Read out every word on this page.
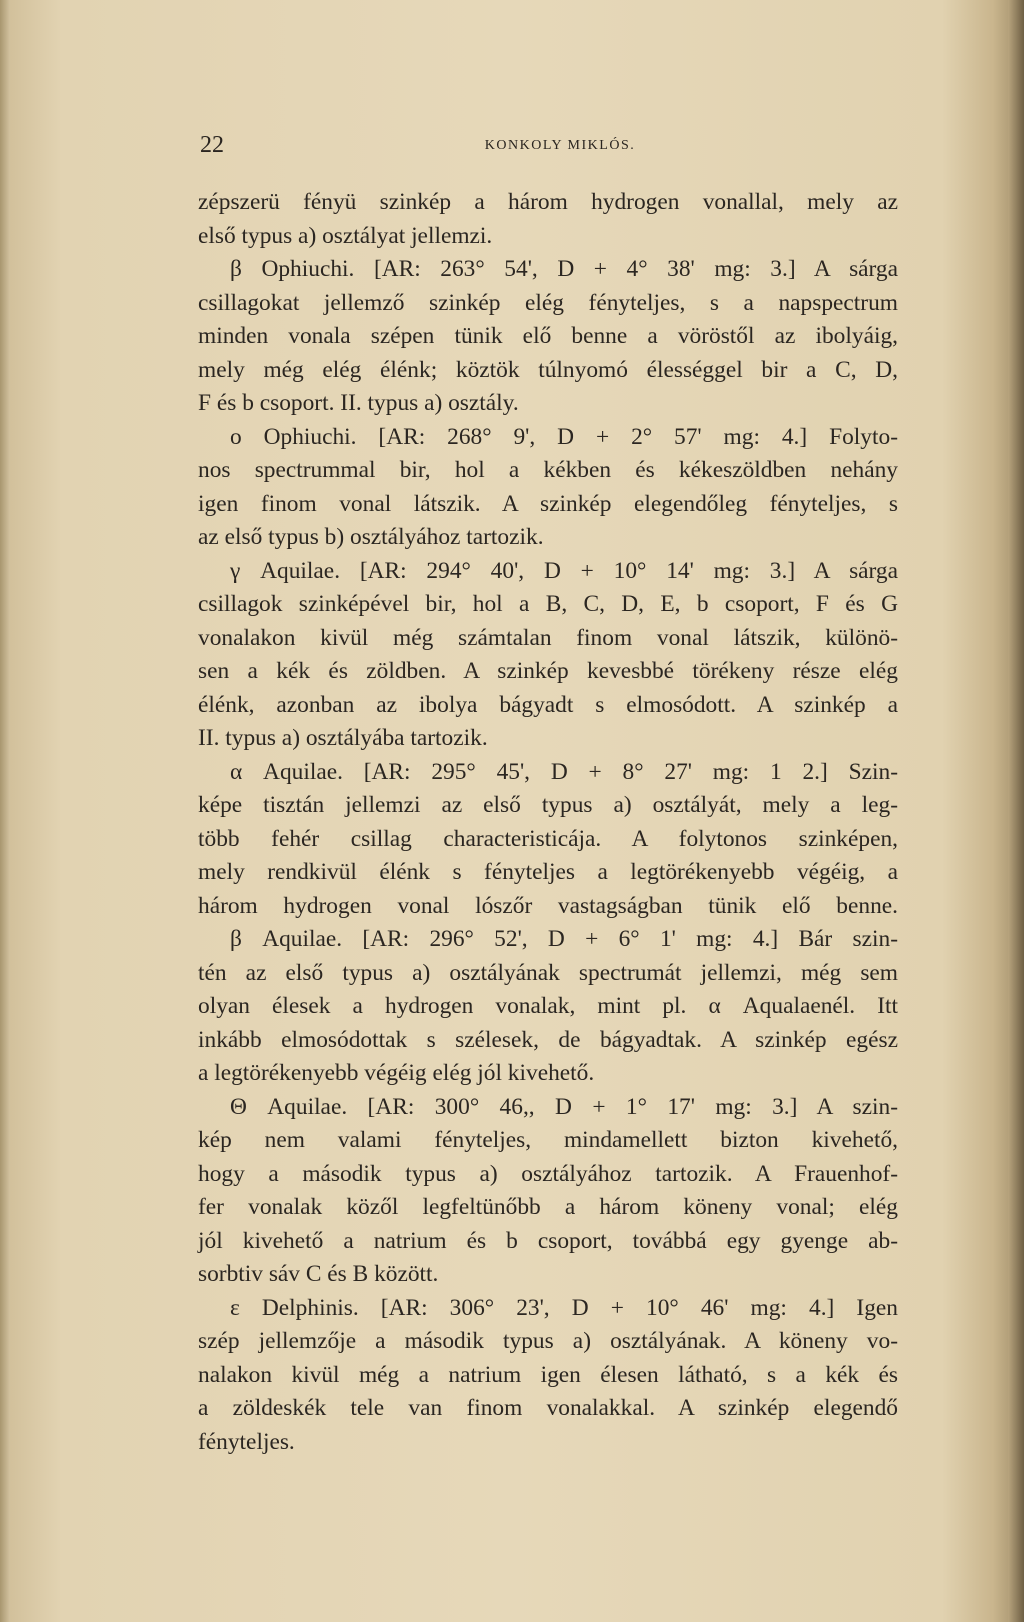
22	KONKOLY MIKLÓS.
zépszerü fényü szinkép a három hydrogen vonallal, mely az
első typus a) osztályat jellemzi.
β Ophiuchi. [AR: 263° 54', D + 4° 38' mg: 3.] A sárga
csillagokat jellemző szinkép elég fényteljes, s a napspectrum
minden vonala szépen tünik elő benne a vöröstől az ibolyáig,
mely még elég élénk; köztök túlnyomó élességgel bir a C, D,
F és b csoport. II. typus a) osztály.
o Ophiuchi. [AR: 268° 9', D + 2° 57' mg: 4.] Folyto-
nos spectrummal bir, hol a kékben és kékeszöldben nehány
igen finom vonal látszik. A szinkép elegendőleg fényteljes, s
az első typus b) osztályához tartozik.
γ Aquilae. [AR: 294° 40', D + 10° 14' mg: 3.] A sárga
csillagok szinképével bir, hol a B, C, D, E, b csoport, F és G
vonalakon kivül még számtalan finom vonal látszik, különö-
sen a kék és zöldben. A szinkép kevesbbé törékeny része elég
élénk, azonban az ibolya bágyadt s elmosódott. A szinkép a
II. typus a) osztályába tartozik.
α Aquilae. [AR: 295° 45', D + 8° 27' mg: 1 2.] Szin-
képe tisztán jellemzi az első typus a) osztályát, mely a leg-
több fehér csillag characteristicája. A folytonos szinképen,
mely rendkivül élénk s fényteljes a legtörékenyebb végéig, a
három hydrogen vonal lószőr vastagságban tünik elő benne.
β Aquilae. [AR: 296° 52', D + 6° 1' mg: 4.] Bár szin-
tén az első typus a) osztályának spectrumát jellemzi, még sem
olyan élesek a hydrogen vonalak, mint pl. α Aqualaenél. Itt
inkább elmosódottak s szélesek, de bágyadtak. A szinkép egész
a legtörékenyebb végéig elég jól kivehető.
Θ Aquilae. [AR: 300° 46,, D + 1° 17' mg: 3.] A szin-
kép nem valami fényteljes, mindamellett bizton kivehető,
hogy a második typus a) osztályához tartozik. A Frauenhof-
fer vonalak közől legfeltünőbb a három köneny vonal; elég
jól kivehető a natrium és b csoport, továbbá egy gyenge ab-
sorbtiv sáv C és B között.
ε Delphinis. [AR: 306° 23', D + 10° 46' mg: 4.] Igen
szép jellemzője a második typus a) osztályának. A köneny vo-
nalakon kivül még a natrium igen élesen látható, s a kék és
a zöldeskék tele van finom vonalakkal. A szinkép elegendő
fényteljes.
